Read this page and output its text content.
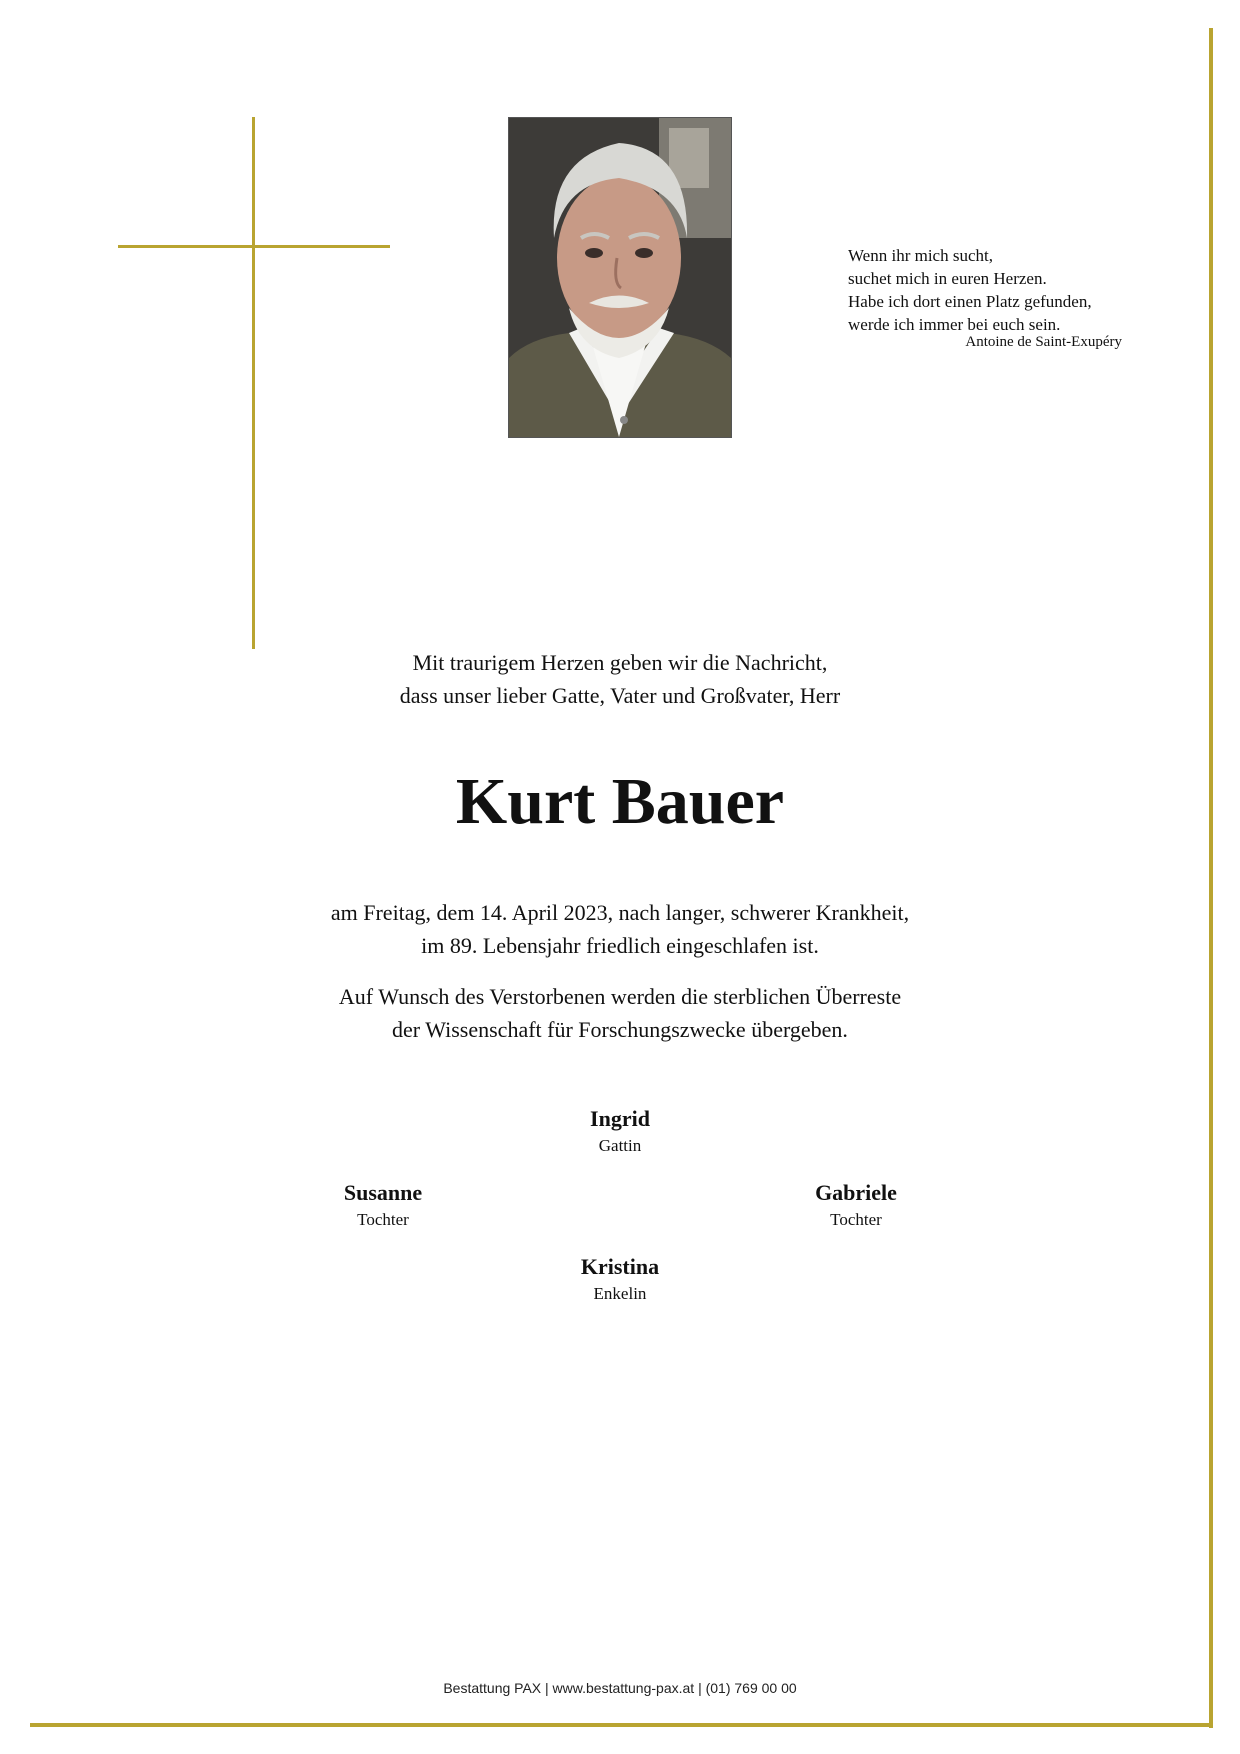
Wenn ihr mich sucht,
suchet mich in euren Herzen.
Habe ich dort einen Platz gefunden,
werde ich immer bei euch sein.
Antoine de Saint-Exupéry
Mit traurigem Herzen geben wir die Nachricht,
dass unser lieber Gatte, Vater und Großvater, Herr
Kurt Bauer
am Freitag, dem 14. April 2023, nach langer, schwerer Krankheit,
im 89. Lebensjahr friedlich eingeschlafen ist.
Auf Wunsch des Verstorbenen werden die sterblichen Überreste
der Wissenschaft für Forschungszwecke übergeben.
Ingrid
Gattin
Susanne
Tochter
Gabriele
Tochter
Kristina
Enkelin
Bestattung PAX | www.bestattung-pax.at | (01) 769 00 00
